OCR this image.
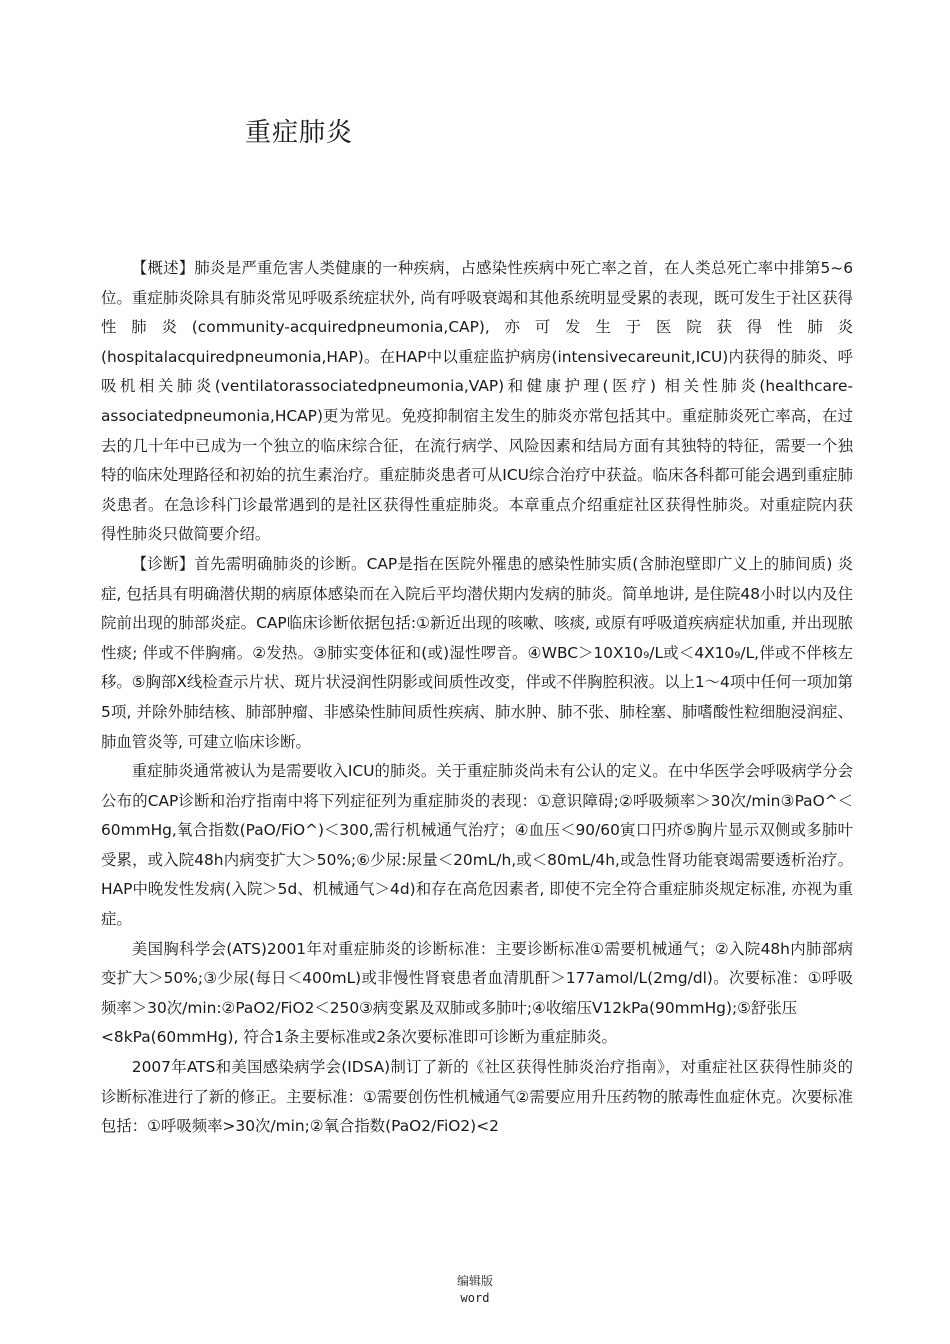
重症肺炎

【概述】肺炎是严重危害人类健康的一种疾病，占感染性疾病中死亡率之首，在人类总死亡率中排第5~6位。重症肺炎除具有肺炎常见呼吸系统症状外, 尚有呼吸衰竭和其他系统明显受累的表现，既可发生于社区获得性肺炎(community-acquiredpneumonia,CAP),亦可发生于医院获得性肺炎(hospitalacquiredpneumonia,HAP)。在HAP中以重症监护病房(intensivecareunit,ICU)内获得的肺炎、呼吸机相关肺炎(ventilatorassociatedpneumonia,VAP)和健康护理(医疗) 相关性肺炎(healthcare-associatedpneumonia,HCAP)更为常见。免疫抑制宿主发生的肺炎亦常包括其中。重症肺炎死亡率高，在过去的几十年中已成为一个独立的临床综合征，在流行病学、风险因素和结局方面有其独特的特征，需要一个独特的临床处理路径和初始的抗生素治疗。重症肺炎患者可从ICU综合治疗中获益。临床各科都可能会遇到重症肺炎患者。在急诊科门诊最常遇到的是社区获得性重症肺炎。本章重点介绍重症社区获得性肺炎。对重症院内获得性肺炎只做简要介绍。

【诊断】首先需明确肺炎的诊断。CAP是指在医院外罹患的感染性肺实质(含肺泡壁即广义上的肺间质) 炎症, 包括具有明确潜伏期的病原体感染而在入院后平均潜伏期内发病的肺炎。简单地讲, 是住院48小时以内及住院前出现的肺部炎症。CAP临床诊断依据包括:①新近出现的咳嗽、咳痰, 或原有呼吸道疾病症状加重, 并出现脓性痰; 伴或不伴胸痛。②发热。③肺实变体征和(或)湿性啰音。④WBC＞10X10₉/L或＜4X10₉/L,伴或不伴核左移。⑤胸部X线检查示片状、斑片状浸润性阴影或间质性改变，伴或不伴胸腔积液。以上1～4项中任何一项加第5项, 并除外肺结核、肺部肿瘤、非感染性肺间质性疾病、肺水肿、肺不张、肺栓塞、肺嗜酸性粒细胞浸润症、肺血管炎等, 可建立临床诊断。

重症肺炎通常被认为是需要收入ICU的肺炎。关于重症肺炎尚未有公认的定义。在中华医学会呼吸病学分会公布的CAP诊断和治疗指南中将下列症征列为重症肺炎的表现：①意识障碍;②呼吸频率＞30次/min③PaO^＜60mmHg,氧合指数(PaO/FiO^)＜300,需行机械通气治疗；④血压＜90/60寅口円疥⑤胸片显示双侧或多肺叶受累，或入院48h内病变扩大＞50%;⑥少尿:尿量＜20mL/h,或＜80mL/4h,或急性肾功能衰竭需要透析治疗。HAP中晚发性发病(入院＞5d、机械通气＞4d)和存在高危因素者, 即使不完全符合重症肺炎规定标准, 亦视为重症。

美国胸科学会(ATS)2001年对重症肺炎的诊断标准：主要诊断标准①需要机械通气；②入院48h内肺部病变扩大＞50%;③少尿(每日＜400mL)或非慢性肾衰患者血清肌酐＞177amol/L(2mg/dl)。次要标准：①呼吸频率＞30次/min:②PaO2/FiO2＜250③病变累及双肺或多肺叶;④收缩压V12kPa(90mmHg);⑤舒张压

<8kPa(60mmHg), 符合1条主要标准或2条次要标准即可诊断为重症肺炎。

2007年ATS和美国感染病学会(IDSA)制订了新的《社区获得性肺炎治疗指南》，对重症社区获得性肺炎的诊断标准进行了新的修正。主要标准：①需要创伤性机械通气②需要应用升压药物的脓毒性血症休克。次要标准包括：①呼吸频率>30次/min;②氧合指数(PaO2/FiO2)<2

编辑版
word
